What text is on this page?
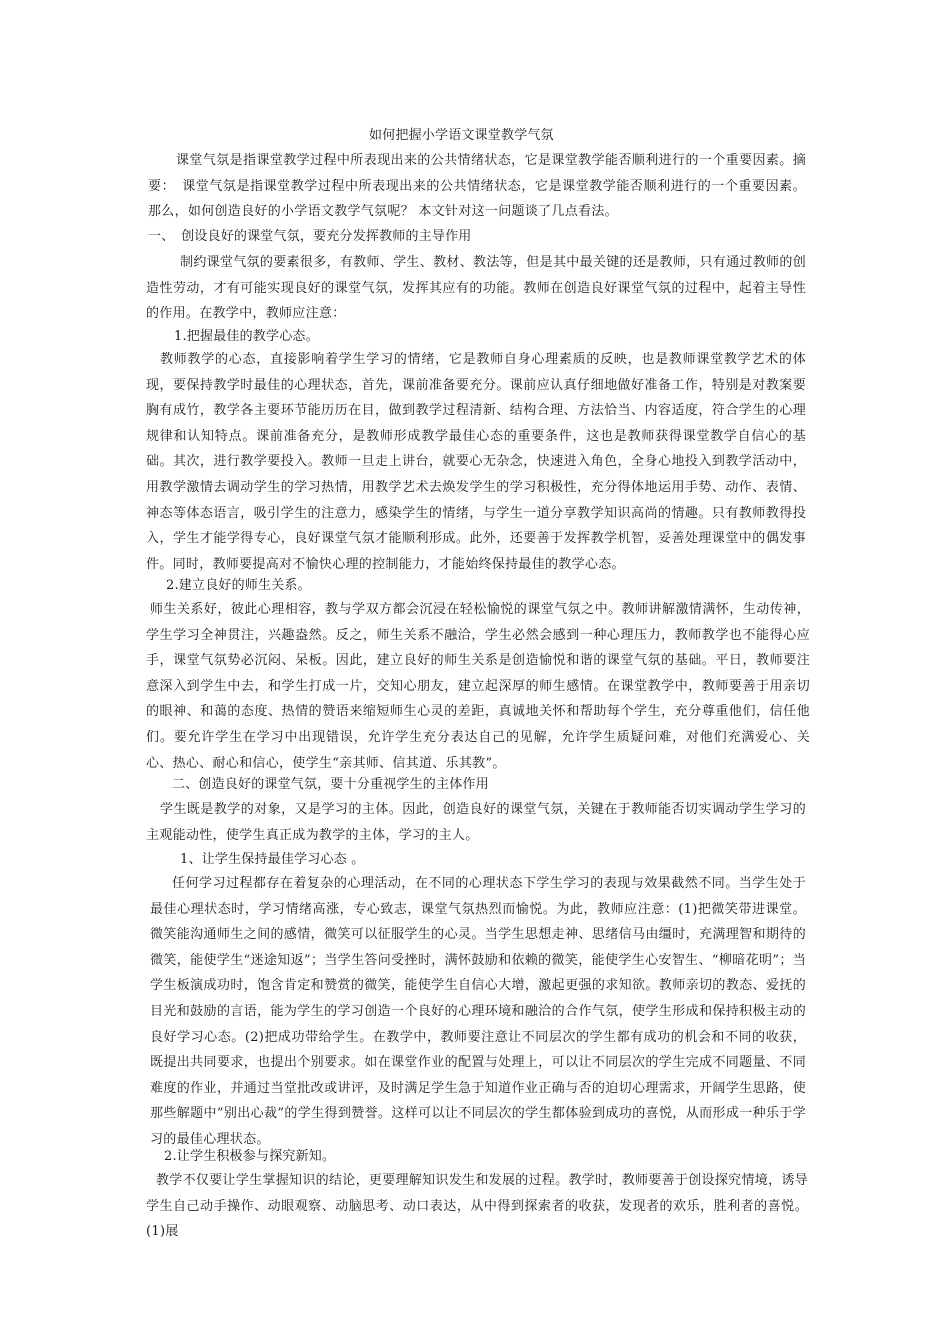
如何把握小学语文课堂教学气氛

课堂气氛是指课堂教学过程中所表现出来的公共情绪状态，它是课堂教学能否顺利进行的一个重要因素。摘要：　课堂气氛是指课堂教学过程中所表现出来的公共情绪状态，它是课堂教学能否顺利进行的一个重要因素。那么，如何创造良好的小学语文教学气氛呢？ 本文针对这一问题谈了几点看法。

一、　创设良好的课堂气氛，要充分发挥教师的主导作用

制约课堂气氛的要素很多，有教师、学生、教材、教法等，但是其中最关键的还是教师，只有通过教师的创造性劳动，才有可能实现良好的课堂气氛，发挥其应有的功能。教师在创造良好课堂气氛的过程中，起着主导性的作用。在教学中，教师应注意：

1.把握最佳的教学心态。

教师教学的心态，直接影响着学生学习的情绪，它是教师自身心理素质的反映，也是教师课堂教学艺术的体现，要保持教学时最佳的心理状态，首先，课前准备要充分。课前应认真仔细地做好准备工作，特别是对教案要胸有成竹，教学各主要环节能历历在目，做到教学过程清新、结构合理、方法恰当、内容适度，符合学生的心理规律和认知特点。课前准备充分，是教师形成教学最佳心态的重要条件，这也是教师获得课堂教学自信心的基础。其次，进行教学要投入。教师一旦走上讲台，就要心无杂念，快速进入角色，全身心地投入到教学活动中，用教学激情去调动学生的学习热情，用教学艺术去焕发学生的学习积极性，充分得体地运用手势、动作、表情、神态等体态语言，吸引学生的注意力，感染学生的情绪，与学生一道分享教学知识高尚的情趣。只有教师教得投入，学生才能学得专心，良好课堂气氛才能顺利形成。此外，还要善于发挥教学机智，妥善处理课堂中的偶发事件。同时，教师要提高对不愉快心理的控制能力，才能始终保持最佳的教学心态。

2.建立良好的师生关系。

师生关系好，彼此心理相容，教与学双方都会沉浸在轻松愉悦的课堂气氛之中。教师讲解激情满怀，生动传神，学生学习全神贯注，兴趣盎然。反之，师生关系不融洽，学生必然会感到一种心理压力，教师教学也不能得心应手，课堂气氛势必沉闷、呆板。因此，建立良好的师生关系是创造愉悦和谐的课堂气氛的基础。平日，教师要注意深入到学生中去，和学生打成一片，交知心朋友，建立起深厚的师生感情。在课堂教学中，教师要善于用亲切的眼神、和蔼的态度、热情的赞语来缩短师生心灵的差距，真诚地关怀和帮助每个学生，充分尊重他们，信任他们。要允许学生在学习中出现错误，允许学生充分表达自己的见解，允许学生质疑问难，对他们充满爱心、关心、热心、耐心和信心，使学生“亲其师、信其道、乐其教”。

二、创造良好的课堂气氛，要十分重视学生的主体作用

学生既是教学的对象，又是学习的主体。因此，创造良好的课堂气氛，关键在于教师能否切实调动学生学习的主观能动性，使学生真正成为教学的主体，学习的主人。

1、让学生保持最佳学习心态 。

任何学习过程都存在着复杂的心理活动，在不同的心理状态下学生学习的表现与效果截然不同。当学生处于最佳心理状态时，学习情绪高涨，专心致志，课堂气氛热烈而愉悦。为此，教师应注意：(1)把微笑带进课堂。微笑能沟通师生之间的感情，微笑可以征服学生的心灵。当学生思想走神、思绪信马由缰时，充满理智和期待的微笑，能使学生“迷途知返”；当学生答问受挫时，满怀鼓励和依赖的微笑，能使学生心安智生、“柳暗花明”；当学生板演成功时，饱含肯定和赞赏的微笑，能使学生自信心大增，激起更强的求知欲。教师亲切的教态、爱抚的目光和鼓励的言语，能为学生的学习创造一个良好的心理环境和融洽的合作气氛，使学生形成和保持积极主动的良好学习心态。(2)把成功带给学生。在教学中，教师要注意让不同层次的学生都有成功的机会和不同的收获，既提出共同要求，也提出个别要求。如在课堂作业的配置与处理上，可以让不同层次的学生完成不同题量、不同难度的作业，并通过当堂批改或讲评，及时满足学生急于知道作业正确与否的迫切心理需求，开阔学生思路，使那些解题中”别出心裁”的学生得到赞誉。这样可以让不同层次的学生都体验到成功的喜悦，从而形成一种乐于学习的最佳心理状态。

2.让学生积极参与探究新知。

教学不仅要让学生掌握知识的结论，更要理解知识发生和发展的过程。教学时，教师要善于创设探究情境，诱导学生自己动手操作、动眼观察、动脑思考、动口表达，从中得到探索者的收获，发现者的欢乐，胜利者的喜悦。(1)展
